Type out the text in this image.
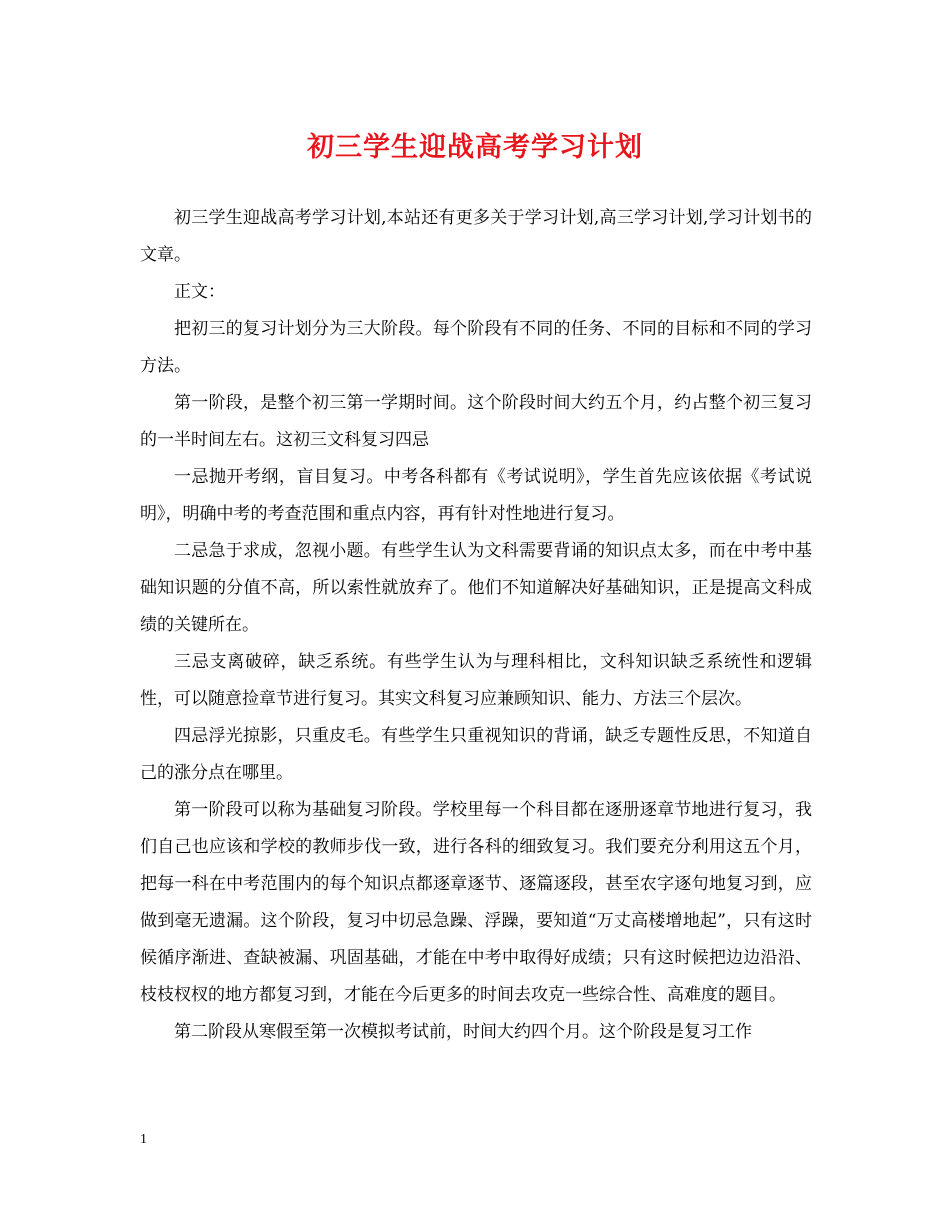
初三学生迎战高考学习计划

初三学生迎战高考学习计划,本站还有更多关于学习计划,高三学习计划,学习计划书的文章。

正文：

把初三的复习计划分为三大阶段。每个阶段有不同的任务、不同的目标和不同的学习方法。

第一阶段，是整个初三第一学期时间。这个阶段时间大约五个月，约占整个初三复习的一半时间左右。这初三文科复习四忌

一忌抛开考纲，盲目复习。中考各科都有《考试说明》，学生首先应该依据《考试说明》，明确中考的考查范围和重点内容，再有针对性地进行复习。

二忌急于求成，忽视小题。有些学生认为文科需要背诵的知识点太多，而在中考中基础知识题的分值不高，所以索性就放弃了。他们不知道解决好基础知识，正是提高文科成绩的关键所在。

三忌支离破碎，缺乏系统。有些学生认为与理科相比，文科知识缺乏系统性和逻辑性，可以随意捡章节进行复习。其实文科复习应兼顾知识、能力、方法三个层次。

四忌浮光掠影，只重皮毛。有些学生只重视知识的背诵，缺乏专题性反思，不知道自己的涨分点在哪里。

第一阶段可以称为基础复习阶段。学校里每一个科目都在逐册逐章节地进行复习，我们自己也应该和学校的教师步伐一致，进行各科的细致复习。我们要充分利用这五个月，把每一科在中考范围内的每个知识点都逐章逐节、逐篇逐段，甚至农字逐句地复习到，应做到毫无遗漏。这个阶段，复习中切忌急躁、浮躁，要知道“万丈高楼增地起”，只有这时候循序渐进、查缺被漏、巩固基础，才能在中考中取得好成绩；只有这时候把边边沿沿、枝枝杈杈的地方都复习到，才能在今后更多的时间去攻克一些综合性、高难度的题目。

第二阶段从寒假至第一次模拟考试前，时间大约四个月。这个阶段是复习工作

1
